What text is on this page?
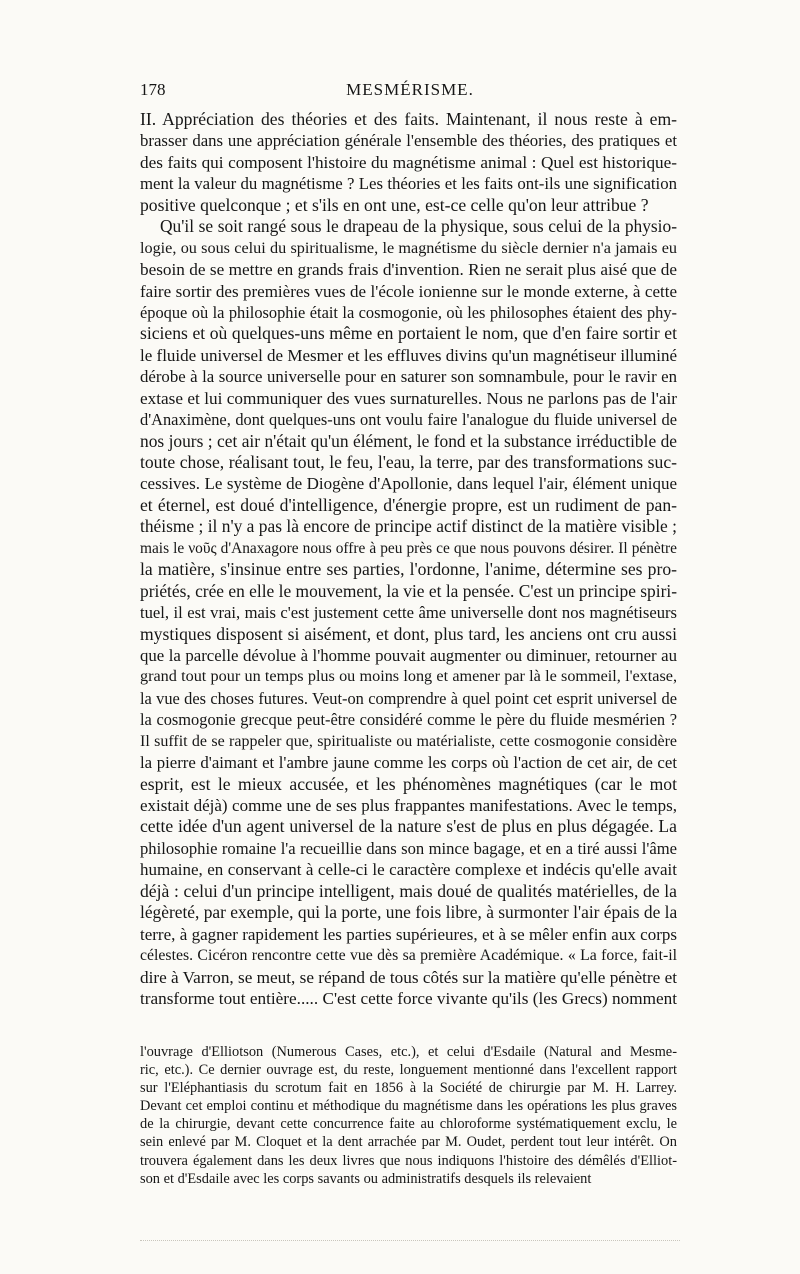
178	MESMÉRISME.
II. Appréciation des théories et des faits. Maintenant, il nous reste à em-
brasser dans une appréciation générale l'ensemble des théories, des pratiques et
des faits qui composent l'histoire du magnétisme animal : Quel est historique-
ment la valeur du magnétisme ? Les théories et les faits ont-ils une signification
positive quelconque ; et s'ils en ont une, est-ce celle qu'on leur attribue ?
Qu'il se soit rangé sous le drapeau de la physique, sous celui de la physio-
logie, ou sous celui du spiritualisme, le magnétisme du siècle dernier n'a jamais eu
besoin de se mettre en grands frais d'invention. Rien ne serait plus aisé que de
faire sortir des premières vues de l'école ionienne sur le monde externe, à cette
époque où la philosophie était la cosmogonie, où les philosophes étaient des phy-
siciens et où quelques-uns même en portaient le nom, que d'en faire sortir et
le fluide universel de Mesmer et les effluves divins qu'un magnétiseur illuminé
dérobe à la source universelle pour en saturer son somnambule, pour le ravir en
extase et lui communiquer des vues surnaturelles. Nous ne parlons pas de l'air
d'Anaximène, dont quelques-uns ont voulu faire l'analogue du fluide universel de
nos jours ; cet air n'était qu'un élément, le fond et la substance irréductible de
toute chose, réalisant tout, le feu, l'eau, la terre, par des transformations suc-
cessives. Le système de Diogène d'Apollonie, dans lequel l'air, élément unique
et éternel, est doué d'intelligence, d'énergie propre, est un rudiment de pan-
théisme ; il n'y a pas là encore de principe actif distinct de la matière visible ;
mais le νοῦς d'Anaxagore nous offre à peu près ce que nous pouvons désirer. Il pénètre
la matière, s'insinue entre ses parties, l'ordonne, l'anime, détermine ses pro-
priétés, crée en elle le mouvement, la vie et la pensée. C'est un principe spiri-
tuel, il est vrai, mais c'est justement cette âme universelle dont nos magnétiseurs
mystiques disposent si aisément, et dont, plus tard, les anciens ont cru aussi
que la parcelle dévolue à l'homme pouvait augmenter ou diminuer, retourner au
grand tout pour un temps plus ou moins long et amener par là le sommeil, l'extase,
la vue des choses futures. Veut-on comprendre à quel point cet esprit universel de
la cosmogonie grecque peut-être considéré comme le père du fluide mesmérien ?
Il suffit de se rappeler que, spiritualiste ou matérialiste, cette cosmogonie considère
la pierre d'aimant et l'ambre jaune comme les corps où l'action de cet air, de cet
esprit, est le mieux accusée, et les phénomènes magnétiques (car le mot
existait déjà) comme une de ses plus frappantes manifestations. Avec le temps,
cette idée d'un agent universel de la nature s'est de plus en plus dégagée. La
philosophie romaine l'a recueillie dans son mince bagage, et en a tiré aussi l'âme
humaine, en conservant à celle-ci le caractère complexe et indécis qu'elle avait
déjà : celui d'un principe intelligent, mais doué de qualités matérielles, de la
légèreté, par exemple, qui la porte, une fois libre, à surmonter l'air épais de la
terre, à gagner rapidement les parties supérieures, et à se mêler enfin aux corps
célestes. Cicéron rencontre cette vue dès sa première Académique. « La force, fait-il
dire à Varron, se meut, se répand de tous côtés sur la matière qu'elle pénètre et
transforme tout entière..... C'est cette force vivante qu'ils (les Grecs) nomment
l'ouvrage d'Elliotson (Numerous Cases, etc.), et celui d'Esdaile (Natural and Mesme-
ric, etc.). Ce dernier ouvrage est, du reste, longuement mentionné dans l'excellent rapport
sur l'Eléphantiasis du scrotum fait en 1856 à la Société de chirurgie par M. H. Larrey.
Devant cet emploi continu et méthodique du magnétisme dans les opérations les plus graves
de la chirurgie, devant cette concurrence faite au chloroforme systématiquement exclu, le
sein enlevé par M. Cloquet et la dent arrachée par M. Oudet, perdent tout leur intérêt. On
trouvera également dans les deux livres que nous indiquons l'histoire des démêlés d'Elliot-
son et d'Esdaile avec les corps savants ou administratifs desquels ils relevaient
